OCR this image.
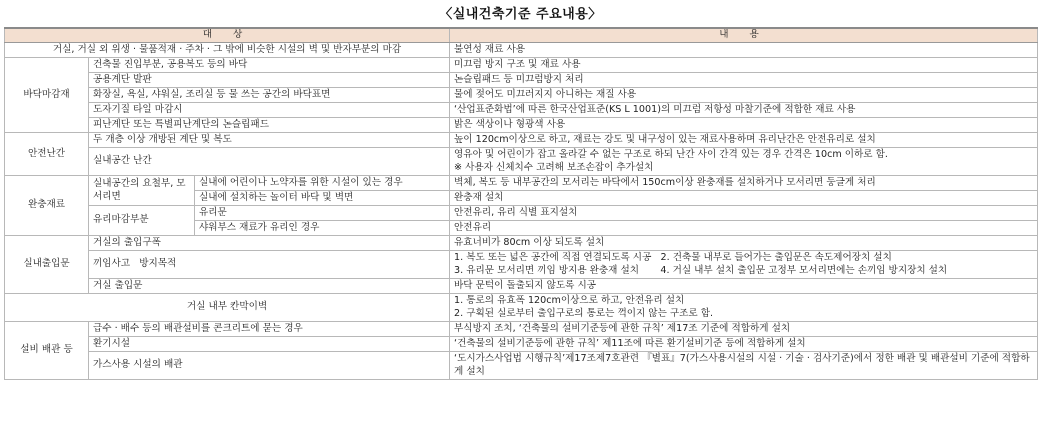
〈실내건축기준 주요내용〉
대 상			내 용
거실, 거실 외 위생 · 물품적재 · 주차 · 그 밖에 비슷한 시설의 벽 및 반자부분의 마감			불연성 재료 사용
바닥마감재	건축물 진입부분, 공용복도 등의 바닥		미끄럼 방지 구조 및 재료 사용
	공용계단 발판		논슬립패드 등 미끄럼방지 처리
	화장실, 욕실, 샤워실, 조리실 등 물 쓰는 공간의 바닥표면		물에 젖어도 미끄러지지 아니하는 재질 사용
	도자기질 타일 마감시		‘산업표준화법’에 따른 한국산업표준(KS L 1001)의 미끄럼 저항성 마찰기준에 적합한 재료 사용
	피난계단 또는 특별피난계단의 논슬립패드		밝은 색상이나 형광색 사용
안전난간	두 개층 이상 개방된 계단 및 복도		높이 120cm이상으로 하고, 재료는 강도 및 내구성이 있는 재료사용하며 유리난간은 안전유리로 설치
	실내공간 난간		영유아 및 어린이가 잡고 올라갈 수 없는 구조로 하되 난간 사이 간격 있는 경우 간격은 10cm 이하로 함.
※ 사용자 신체치수 고려해 보조손잡이 추가설치

완충재료	실내공간의 요철부, 모서리면	실내에 어린이나 노약자를 위한 시설이 있는 경우	벽체, 복도 등 내부공간의 모서리는 바닥에서 150cm이상 완충재를 설치하거나 모서리면 둥글게 처리
		실내에 설치하는 놀이터 바닥 및 벽면	완충재 설치
	유리마감부분	유리문	안전유리, 유리 식별 표지설치
		샤워부스 재료가 유리인 경우	안전유리
실내출입문	거실의 출입구폭		유효너비가 80cm 이상 되도록 설치
	끼임사고   방지목적		1. 복도 또는 넓은 공간에 직접 연결되도록 시공   2. 건축물 내부로 들어가는 출입문은 속도제어장치 설치
3. 유리문 모서리면 끼임 방지용 완충재 설치       4. 거실 내부 설치 출입문 고정부 모서리면에는 손끼임 방지장치 설치

	거실 출입문		바닥 문턱이 돌출되지 않도록 시공
거실 내부 칸막이벽			1. 통로의 유효폭 120cm이상으로 하고, 안전유리 설치
2. 구획된 실로부터 출입구로의 통로는 꺽이지 않는 구조로 함.

설비 배관 등	급수 · 배수 등의 배관설비를 콘크리트에 묻는 경우		부식방지 조치, ‘건축물의 설비기준등에 관한 규칙’ 제17조 기준에 적합하게 설치
	환기시설		‘건축물의 설비기준등에 관한 규칙’ 제11조에 따른 환기설비기준 등에 적합하게 설치
	가스사용 시설의 배관		‘도시가스사업법 시행규칙’제17조제7호관련 『별표』7(가스사용시설의 시설 · 기술 · 검사기준)에서 정한 배관 및 배관설비 기준에 적합하게 설치
